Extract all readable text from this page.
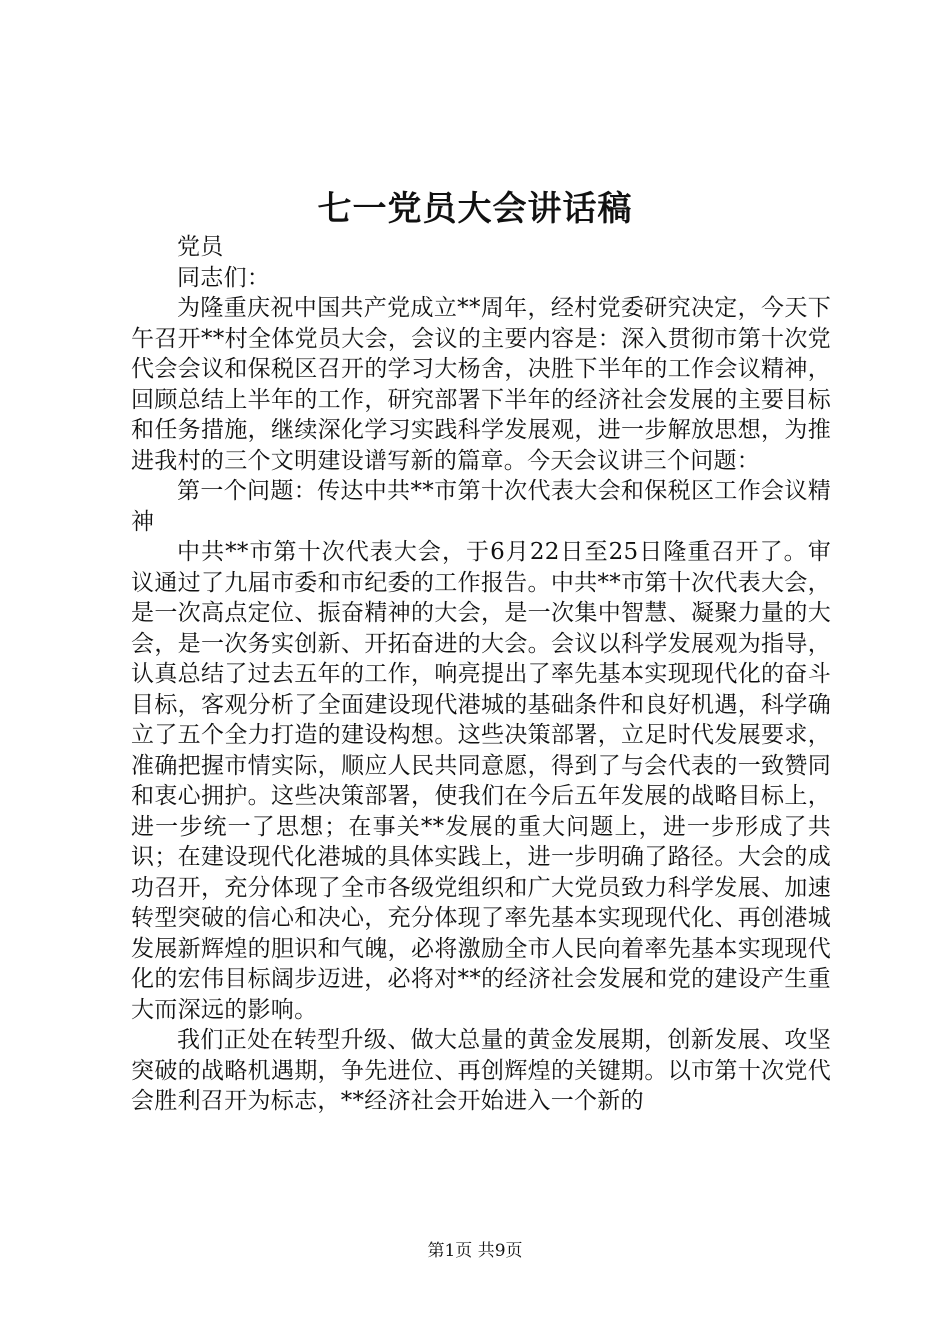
七一党员大会讲话稿

党员

同志们：

为隆重庆祝中国共产党成立**周年，经村党委研究决定，今天下午召开**村全体党员大会，会议的主要内容是：深入贯彻市第十次党代会会议和保税区召开的学习大杨舍，决胜下半年的工作会议精神，回顾总结上半年的工作，研究部署下半年的经济社会发展的主要目标和任务措施，继续深化学习实践科学发展观，进一步解放思想，为推进我村的三个文明建设谱写新的篇章。今天会议讲三个问题：

第一个问题：传达中共**市第十次代表大会和保税区工作会议精神

中共**市第十次代表大会，于6月22日至25日隆重召开了。审议通过了九届市委和市纪委的工作报告。中共**市第十次代表大会，是一次高点定位、振奋精神的大会，是一次集中智慧、凝聚力量的大会，是一次务实创新、开拓奋进的大会。会议以科学发展观为指导，认真总结了过去五年的工作，响亮提出了率先基本实现现代化的奋斗目标，客观分析了全面建设现代港城的基础条件和良好机遇，科学确立了五个全力打造的建设构想。这些决策部署，立足时代发展要求，准确把握市情实际，顺应人民共同意愿，得到了与会代表的一致赞同和衷心拥护。这些决策部署，使我们在今后五年发展的战略目标上，进一步统一了思想；在事关**发展的重大问题上，进一步形成了共识；在建设现代化港城的具体实践上，进一步明确了路径。大会的成功召开，充分体现了全市各级党组织和广大党员致力科学发展、加速转型突破的信心和决心，充分体现了率先基本实现现代化、再创港城发展新辉煌的胆识和气魄，必将激励全市人民向着率先基本实现现代化的宏伟目标阔步迈进，必将对**的经济社会发展和党的建设产生重大而深远的影响。

我们正处在转型升级、做大总量的黄金发展期，创新发展、攻坚突破的战略机遇期，争先进位、再创辉煌的关键期。以市第十次党代会胜利召开为标志，**经济社会开始进入一个新的

第1页 共9页
